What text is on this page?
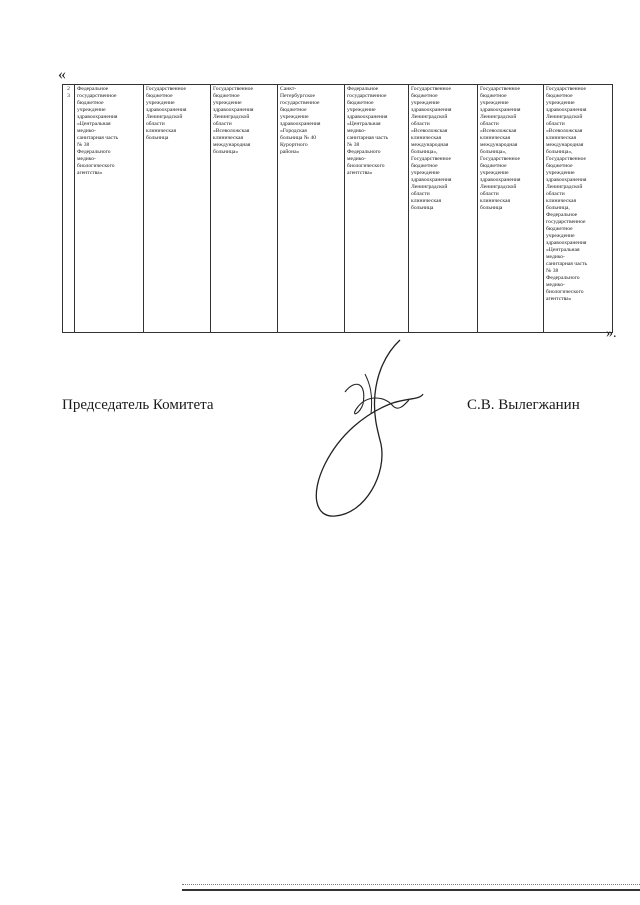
«
2
3

Федеральное
государственное
бюджетное
учреждение
здравоохранения
«Центральная
медико-
санитарная часть
№ 38
Федерального
медико-
биологического
агентства»

Государственное
бюджетное
учреждение
здравоохранения
Ленинградской
области
клиническая
больница

Государственное
бюджетное
учреждение
здравоохранения
Ленинградской
области
«Всеволожская
клиническая
международная
больница»

Санкт-
Петербургское
государственное
бюджетное
учреждение
здравоохранения
«Городская
больница № 40
Курортного
района»

Федеральное
государственное
бюджетное
учреждение
здравоохранения
«Центральная
медико-
санитарная часть
№ 38
Федерального
медико-
биологического
агентства»

Государственное
бюджетное
учреждение
здравоохранения
Ленинградской
области
«Всеволожская
клиническая
международная
больница»,
Государственное
бюджетное
учреждение
здравоохранения
Ленинградской
области
клиническая
больница

Государственное
бюджетное
учреждение
здравоохранения
Ленинградской
области
«Всеволожская
клиническая
международная
больница»,
Государственное
бюджетное
учреждение
здравоохранения
Ленинградской
области
клиническая
больница

Государственное
бюджетное
учреждение
здравоохранения
Ленинградской
области
«Всеволожская
клиническая
международная
больница»,
Государственное
бюджетное
учреждение
здравоохранения
Ленинградской
области
клиническая
больница,
Федеральное
государственное
бюджетное
учреждение
здравоохранения
«Центральная
медико-
санитарная часть
№ 38
Федерального
медико-
биологического
агентства»
».
Председатель Комитета	С.В. Вылегжанин
